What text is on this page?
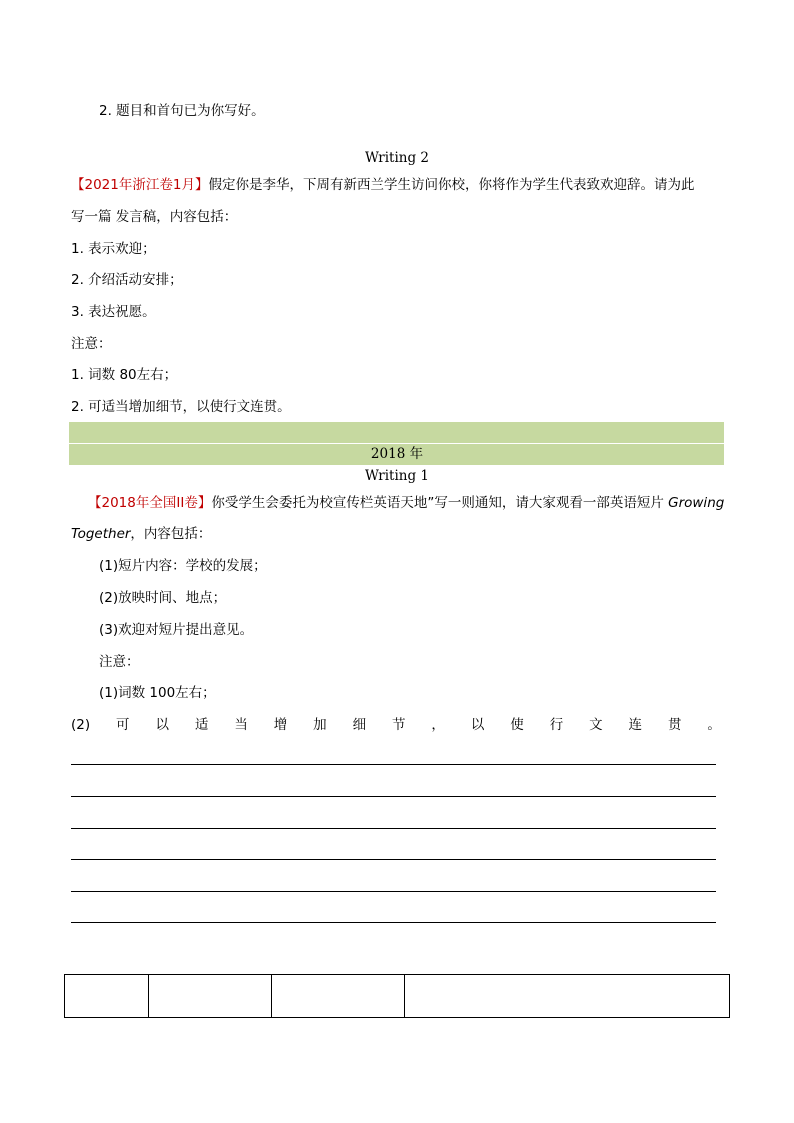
2. 题目和首句已为你写好。
Writing 2
【2021年浙江卷1月】假定你是李华，下周有新西兰学生访问你校，你将作为学生代表致欢迎辞。请为此
写一篇 发言稿，内容包括：
1. 表示欢迎；
2. 介绍活动安排；
3. 表达祝愿。
注意：
1. 词数 80左右；
2. 可适当增加细节，以使行文连贯。
2018 年
Writing 1
【2018年全国II卷】你受学生会委托为校宣传栏英语天地”写一则通知，请大家观看一部英语短片 Growing
Together，内容包括：
(1)短片内容：学校的发展；
(2)放映时间、地点；
(3)欢迎对短片提出意见。
注意：
(1)词数 100左右；
(2) 可 以 适 当 增 加 细 节 ， 以 使 行 文 连 贯 。
